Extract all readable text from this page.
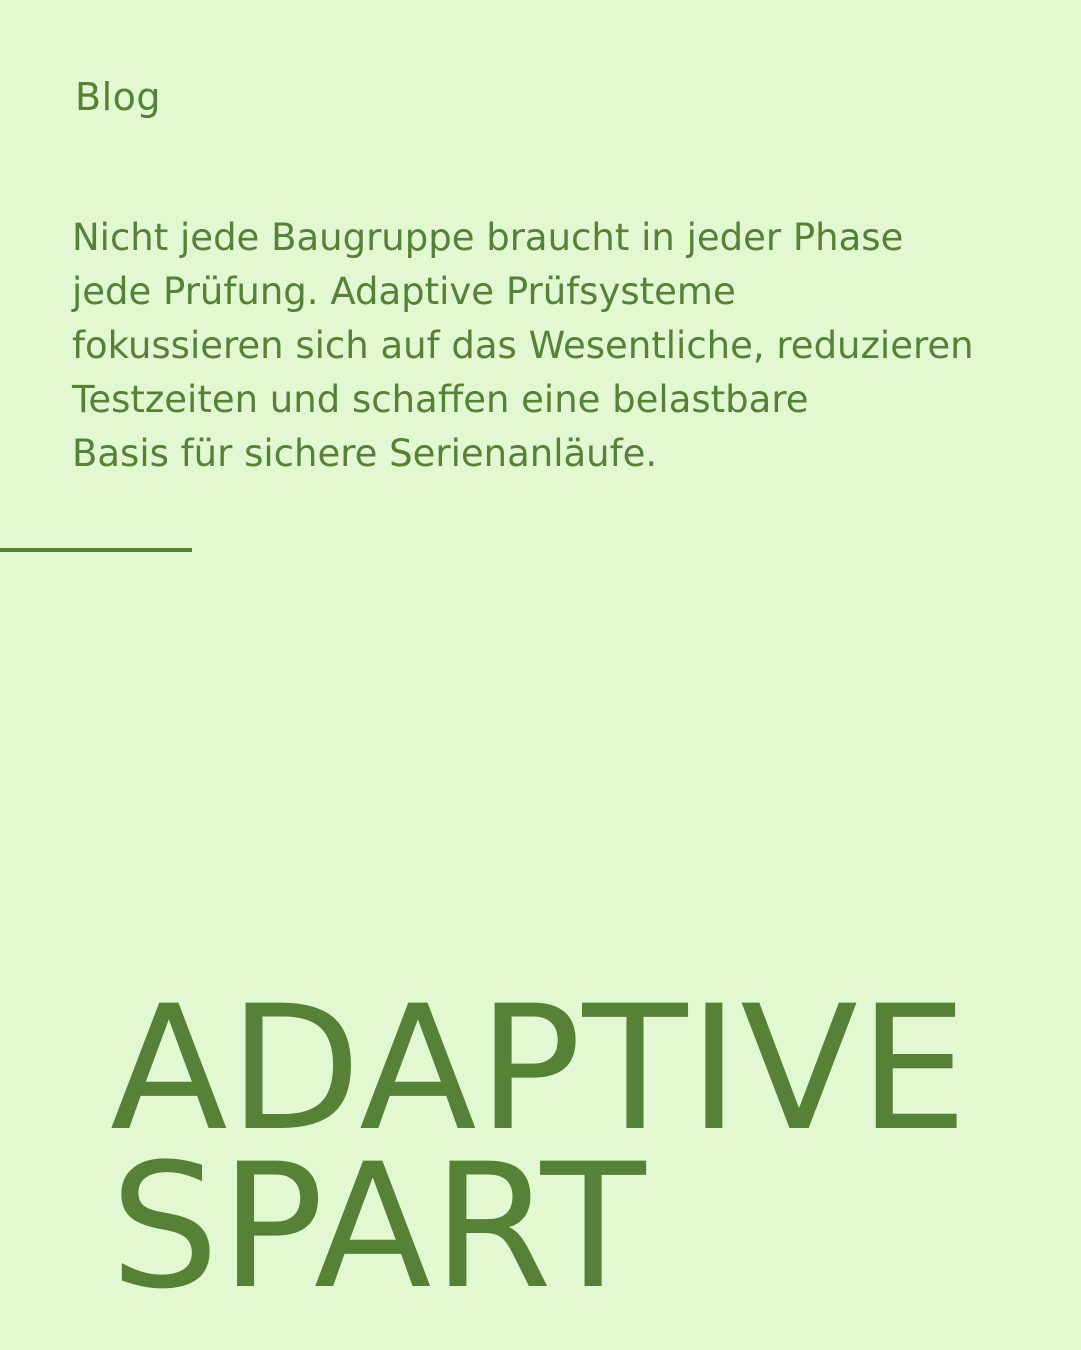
Blog
Nicht jede Baugruppe braucht in jeder Phase
jede Prüfung. Adaptive Prüfsysteme
fokussieren sich auf das Wesentliche, reduzieren
Testzeiten und schaffen eine belastbare
Basis für sichere Serienanläufe.
ADAPTIVE
SPART
